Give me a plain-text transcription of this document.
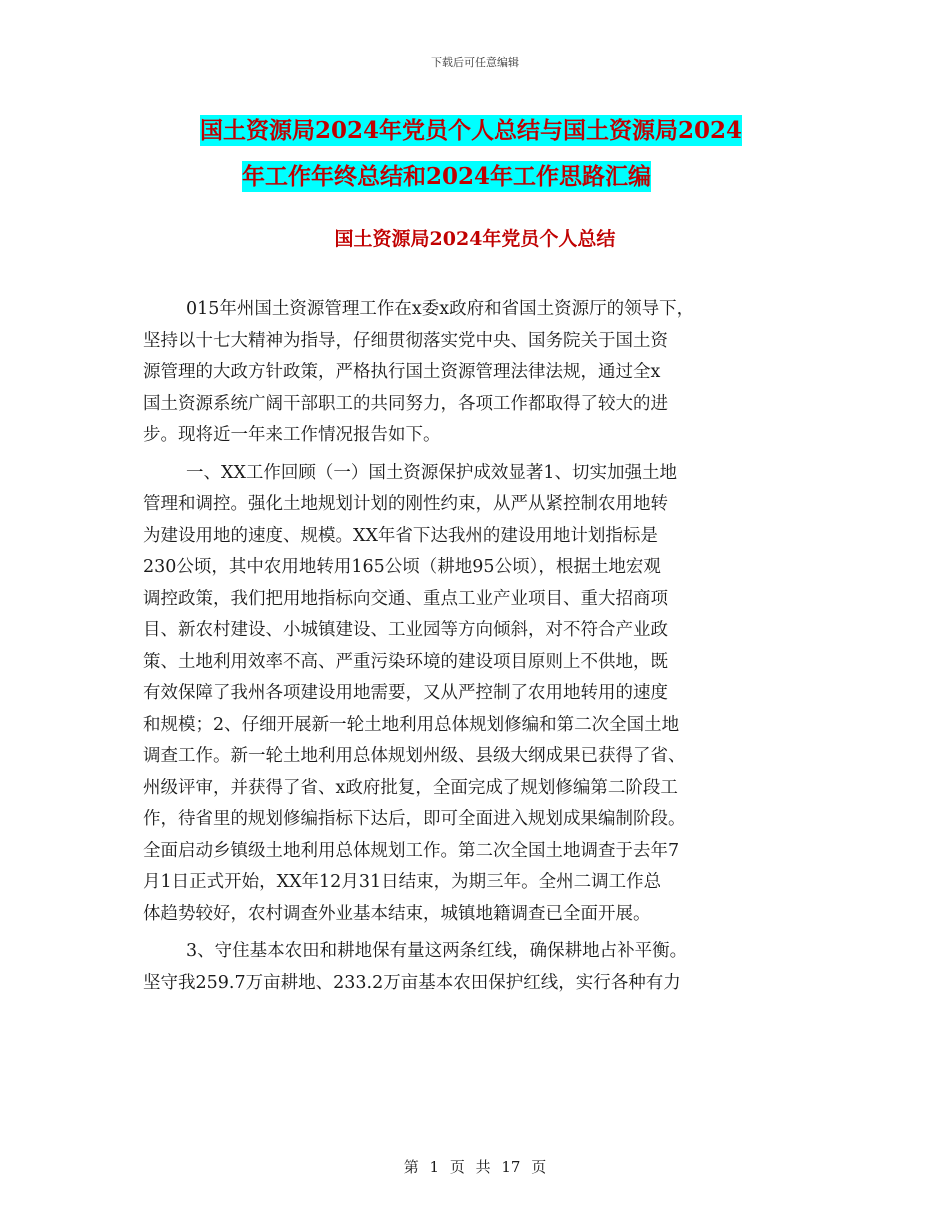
下载后可任意编辑
国土资源局2024年党员个人总结与国土资源局2024
年工作年终总结和2024年工作思路汇编
国土资源局2024年党员个人总结
015年州国土资源管理工作在x委x政府和省国土资源厅的领导下，
坚持以十七大精神为指导，仔细贯彻落实党中央、国务院关于国土资
源管理的大政方针政策，严格执行国土资源管理法律法规，通过全x
国土资源系统广阔干部职工的共同努力，各项工作都取得了较大的进
步。现将近一年来工作情况报告如下。
一、XX工作回顾（一）国土资源保护成效显著1、切实加强土地
管理和调控。强化土地规划计划的刚性约束，从严从紧控制农用地转
为建设用地的速度、规模。XX年省下达我州的建设用地计划指标是
230公顷，其中农用地转用165公顷（耕地95公顷），根据土地宏观
调控政策，我们把用地指标向交通、重点工业产业项目、重大招商项
目、新农村建设、小城镇建设、工业园等方向倾斜，对不符合产业政
策、土地利用效率不高、严重污染环境的建设项目原则上不供地，既
有效保障了我州各项建设用地需要，又从严控制了农用地转用的速度
和规模；2、仔细开展新一轮土地利用总体规划修编和第二次全国土地
调查工作。新一轮土地利用总体规划州级、县级大纲成果已获得了省、
州级评审，并获得了省、x政府批复，全面完成了规划修编第二阶段工
作，待省里的规划修编指标下达后，即可全面进入规划成果编制阶段。
全面启动乡镇级土地利用总体规划工作。第二次全国土地调查于去年7
月1日正式开始，XX年12月31日结束，为期三年。全州二调工作总
体趋势较好，农村调查外业基本结束，城镇地籍调查已全面开展。
3、守住基本农田和耕地保有量这两条红线，确保耕地占补平衡。
坚守我259.7万亩耕地、233.2万亩基本农田保护红线，实行各种有力
第 1 页 共 17 页
